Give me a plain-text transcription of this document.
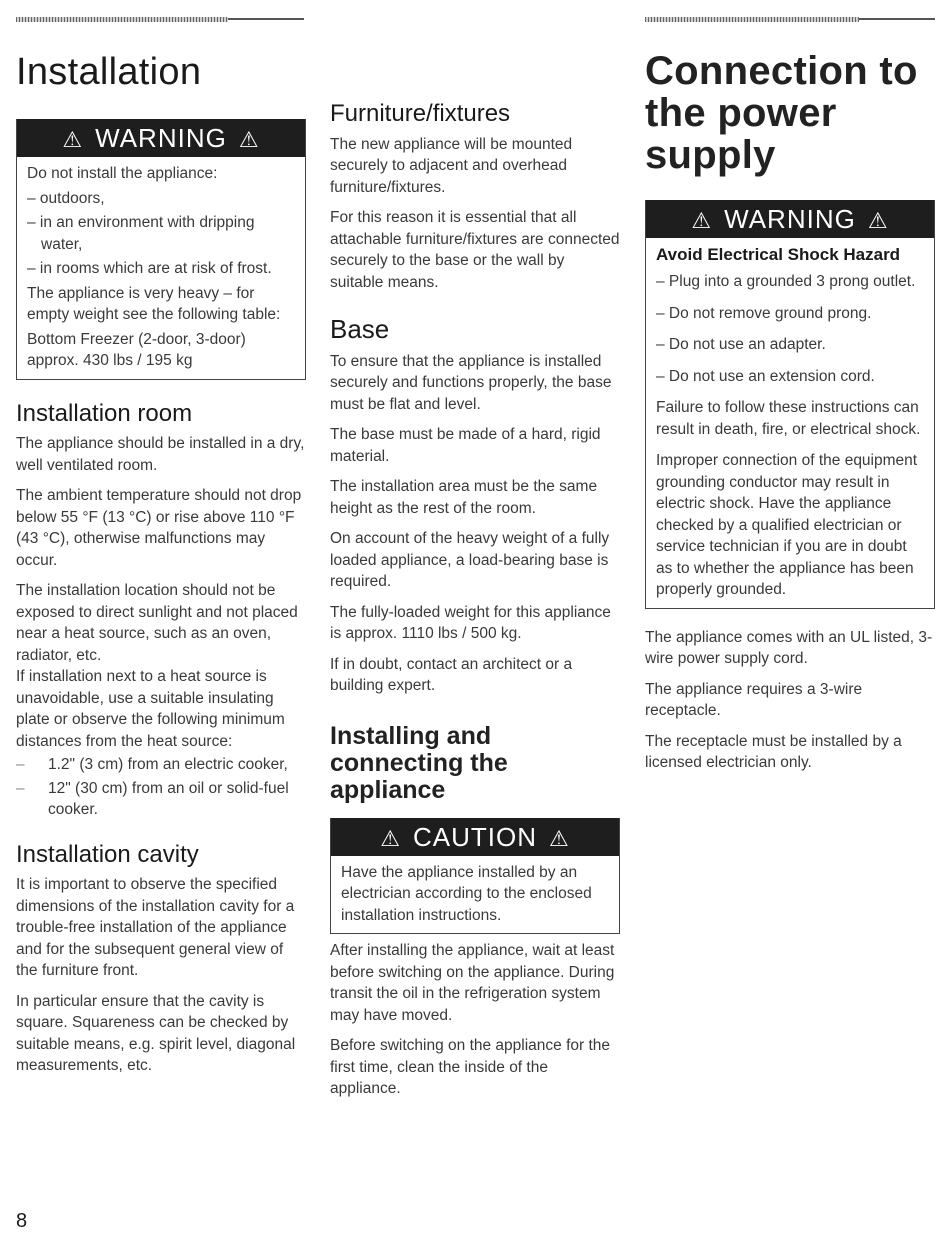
Installation
⚠ WARNING ⚠

Do not install the appliance:

– outdoors,

– in an environment with dripping water,

– in rooms which are at risk of frost.

The appliance is very heavy – for empty weight see the following table:

Bottom Freezer (2-door, 3-door) approx. 430 lbs / 195 kg

Installation room

The appliance should be installed in a dry, well ventilated room.

The ambient temperature should not drop below 55 °F (13 °C) or rise above 110 °F (43 °C), otherwise malfunctions may occur.

The installation location should not be exposed to direct sunlight and not placed near a heat source, such as an oven, radiator, etc.

If installation next to a heat source is unavoidable, use a suitable insulating plate or observe the following minimum distances from the heat source:

–	1.2" (3 cm) from an electric cooker,
–	12" (30 cm) from an oil or solid-fuel cooker.
Installation cavity

It is important to observe the specified dimensions of the installation cavity for a trouble-free installation of the appliance and for the subsequent general view of the furniture front.

In particular ensure that the cavity is square. Squareness can be checked by suitable means, e.g. spirit level, diagonal measurements, etc.

Furniture/fixtures

The new appliance will be mounted securely to adjacent and overhead furniture/fixtures.

For this reason it is essential that all attachable furniture/fixtures are connected securely to the base or the wall by suitable means.

Base

To ensure that the appliance is installed securely and functions properly, the base must be flat and level.

The base must be made of a hard, rigid material.

The installation area must be the same height as the rest of the room.

On account of the heavy weight of a fully loaded appliance, a load-bearing base is required.

The fully-loaded weight for this appliance is approx. 1110 lbs / 500 kg.

If in doubt, contact an architect or a building expert.

Installing and connecting the appliance
⚠ CAUTION ⚠

Have the appliance installed by an electrician according to the enclosed installation instructions.

After installing the appliance, wait at least before switching on the appliance. During transit the oil in the refrigeration system may have moved.

Before switching on the appliance for the first time, clean the inside of the appliance.

Connection to the power supply
⚠ WARNING ⚠

Avoid Electrical Shock Hazard

– Plug into a grounded 3 prong outlet.

– Do not remove ground prong.

– Do not use an adapter.

– Do not use an extension cord.

Failure to follow these instructions can result in death, fire, or electrical shock.

Improper connection of the equipment grounding conductor may result in electric shock. Have the appliance checked by a qualified electrician or service technician if you are in doubt as to whether the appliance has been properly grounded.

The appliance comes with an UL listed, 3-wire power supply cord.

The appliance requires a 3-wire receptacle.

The receptacle must be installed by a licensed electrician only.

8
